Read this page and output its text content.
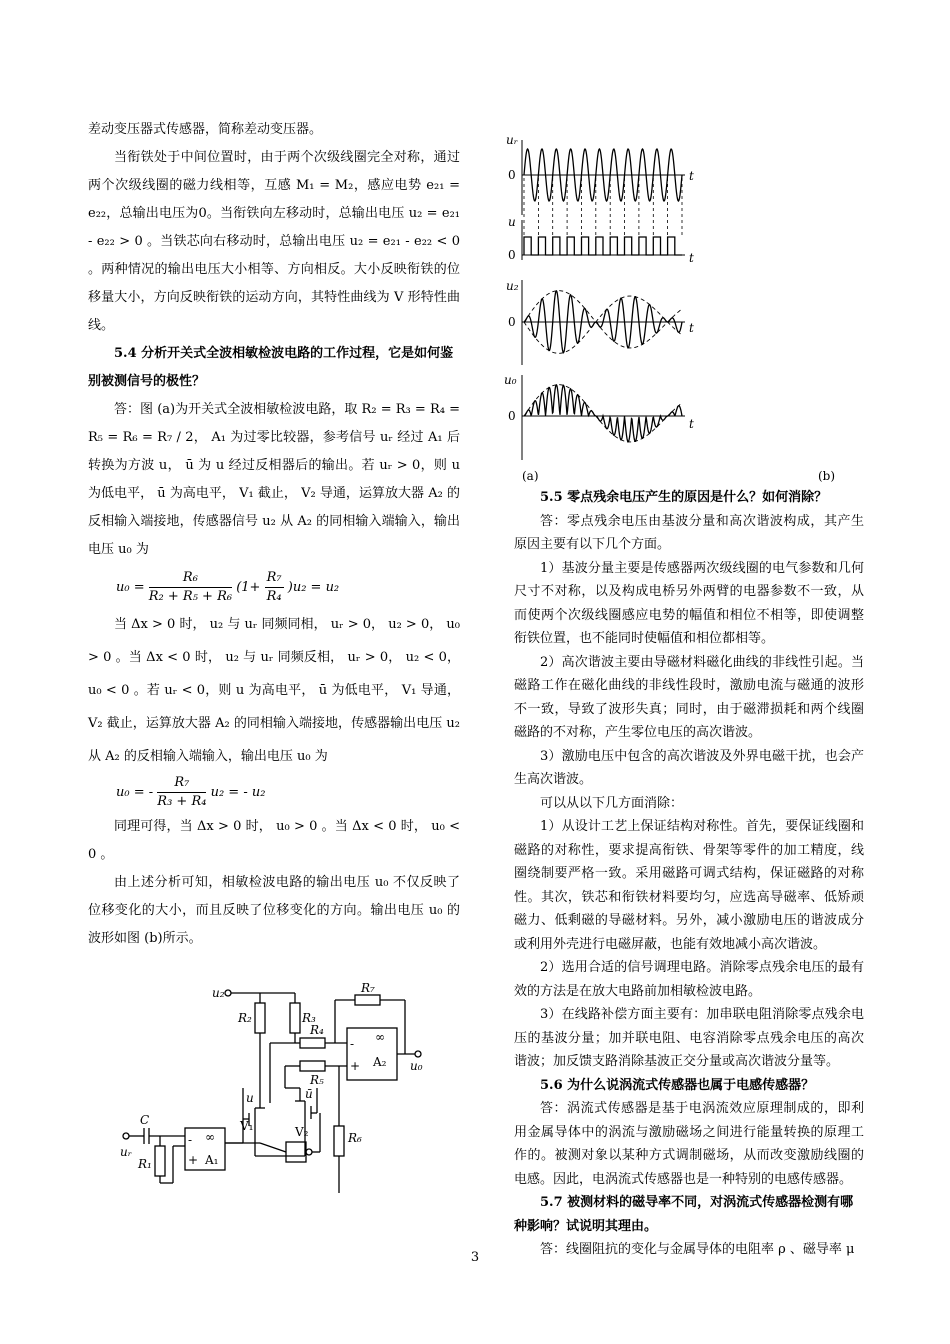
差动变压器式传感器，简称差动变压器。

当衔铁处于中间位置时，由于两个次级线圈完全对称，通过两个次级线圈的磁力线相等，互感 M₁ = M₂，感应电势 e₂₁ = e₂₂，总输出电压为0。当衔铁向左移动时，总输出电压 u₂ = e₂₁ - e₂₂ > 0 。当铁芯向右移动时，总输出电压 u₂ = e₂₁ - e₂₂ < 0 。两种情况的输出电压大小相等、方向相反。大小反映衔铁的位移量大小，方向反映衔铁的运动方向，其特性曲线为 V 形特性曲线。

5.4 分析开关式全波相敏检波电路的工作过程，它是如何鉴别被测信号的极性？

答：图 (a)为开关式全波相敏检波电路，取 R₂ = R₃ = R₄ = R₅ = R₆ = R₇ / 2， A₁ 为过零比较器，参考信号 uᵣ 经过 A₁ 后转换为方波 u， ū 为 u 经过反相器后的输出。若 uᵣ > 0，则 u 为低电平， ū 为高电平， V₁ 截止， V₂ 导通，运算放大器 A₂ 的反相输入端接地，传感器信号 u₂ 从 A₂ 的同相输入端输入，输出电压 u₀ 为

$u_0 = \frac{\text{R₆}}{\text{R₂ + R₅ + R₆}} (1+ \frac{\text{R₇}}{\text{R₄}} )u_2 = u_2$

当 Δx > 0 时， u₂ 与 uᵣ 同频同相， uᵣ > 0， u₂ > 0， u₀ > 0 。当 Δx < 0 时， u₂ 与 uᵣ 同频反相， uᵣ > 0， u₂ < 0， u₀ < 0 。若 uᵣ < 0，则 u 为高电平， ū 为低电平， V₁ 导通， V₂ 截止，运算放大器 A₂ 的同相输入端接地，传感器输出电压 u₂ 从 A₂ 的反相输入端输入，输出电压 u₀ 为

u₀ = - $\frac{\text{R₇}}{\text{R₃ + R₄}} u_2$ = - u₂

同理可得，当 Δx > 0 时， u₀ > 0 。当 Δx < 0 时， u₀ < 0 。

由上述分析可知，相敏检波电路的输出电压 u₀ 不仅反映了位移变化的大小，而且反映了位移变化的方向。输出电压 u₀ 的波形如图 (b)所示。

u₂
R₂	R₃
R₄
R₅
R₆
R₇
u₀
C
uᵣ
R₁
u	ū
V₁	V₂
A₁
A₂
∞
∞
-
+
-
+
uᵣ
u
u₂
u₀
t
t
t
t
0
0
0
0
(a)	(b)

5.5 零点残余电压产生的原因是什么？如何消除？

答：零点残余电压由基波分量和高次谐波构成，其产生原因主要有以下几个方面。

1）基波分量主要是传感器两次级线圈的电气参数和几何尺寸不对称，以及构成电桥另外两臂的电器参数不一致，从而使两个次级线圈感应电势的幅值和相位不相等，即使调整衔铁位置，也不能同时使幅值和相位都相等。

2）高次谐波主要由导磁材料磁化曲线的非线性引起。当磁路工作在磁化曲线的非线性段时，激励电流与磁通的波形不一致，导致了波形失真；同时，由于磁滞损耗和两个线圈磁路的不对称，产生零位电压的高次谐波。

3）激励电压中包含的高次谐波及外界电磁干扰，也会产生高次谐波。

可以从以下几方面消除：

1）从设计工艺上保证结构对称性。首先，要保证线圈和磁路的对称性，要求提高衔铁、骨架等零件的加工精度，线圈绕制要严格一致。采用磁路可调式结构，保证磁路的对称性。其次，铁芯和衔铁材料要均匀，应选高导磁率、低矫顽磁力、低剩磁的导磁材料。另外，减小激励电压的谐波成分或利用外壳进行电磁屏蔽，也能有效地减小高次谐波。

2）选用合适的信号调理电路。消除零点残余电压的最有效的方法是在放大电路前加相敏检波电路。

3）在线路补偿方面主要有：加串联电阻消除零点残余电压的基波分量；加并联电阻、电容消除零点残余电压的高次谐波；加反馈支路消除基波正交分量或高次谐波分量等。

5.6 为什么说涡流式传感器也属于电感传感器？

答：涡流式传感器是基于电涡流效应原理制成的，即利用金属导体中的涡流与激励磁场之间进行能量转换的原理工作的。被测对象以某种方式调制磁场，从而改变激励线圈的电感。因此，电涡流式传感器也是一种特别的电感传感器。

5.7 被测材料的磁导率不同，对涡流式传感器检测有哪种影响？试说明其理由。

答：线圈阻抗的变化与金属导体的电阻率 ρ 、磁导率 μ

3
